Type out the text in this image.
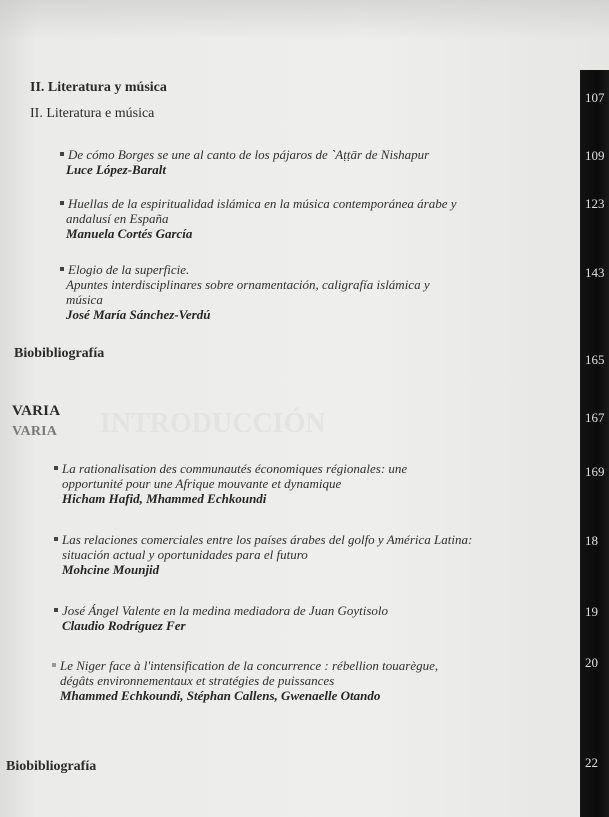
INTRODUCCIÓN
II. Literatura y música
II. Literatura e música
De cómo Borges se une al canto de los pájaros de `Aṭṭār de Nishapur
Luce López-Baralt
Huellas de la espiritualidad islámica en la música contemporánea árabe y
andalusí en España
Manuela Cortés García
Elogio de la superficie.
Apuntes interdisciplinares sobre ornamentación, caligrafía islámica y
música
José María Sánchez-Verdú
Biobibliografía
VARIA
VARIA
La rationalisation des communautés économiques régionales: une
opportunité pour une Afrique mouvante et dynamique
Hicham Hafid, Mhammed Echkoundi
Las relaciones comerciales entre los países árabes del golfo y América Latina:
situación actual y oportunidades para el futuro
Mohcine Mounjid
José Ángel Valente en la medina mediadora de Juan Goytisolo
Claudio Rodríguez Fer
Le Niger face à l'intensification de la concurrence : rébellion touarègue,
dégâts environnementaux et stratégies de puissances
Mhammed Echkoundi, Stéphan Callens, Gwenaelle Otando
Biobibliografía
107
109
123
143
165
167
169
18
19
20
22
